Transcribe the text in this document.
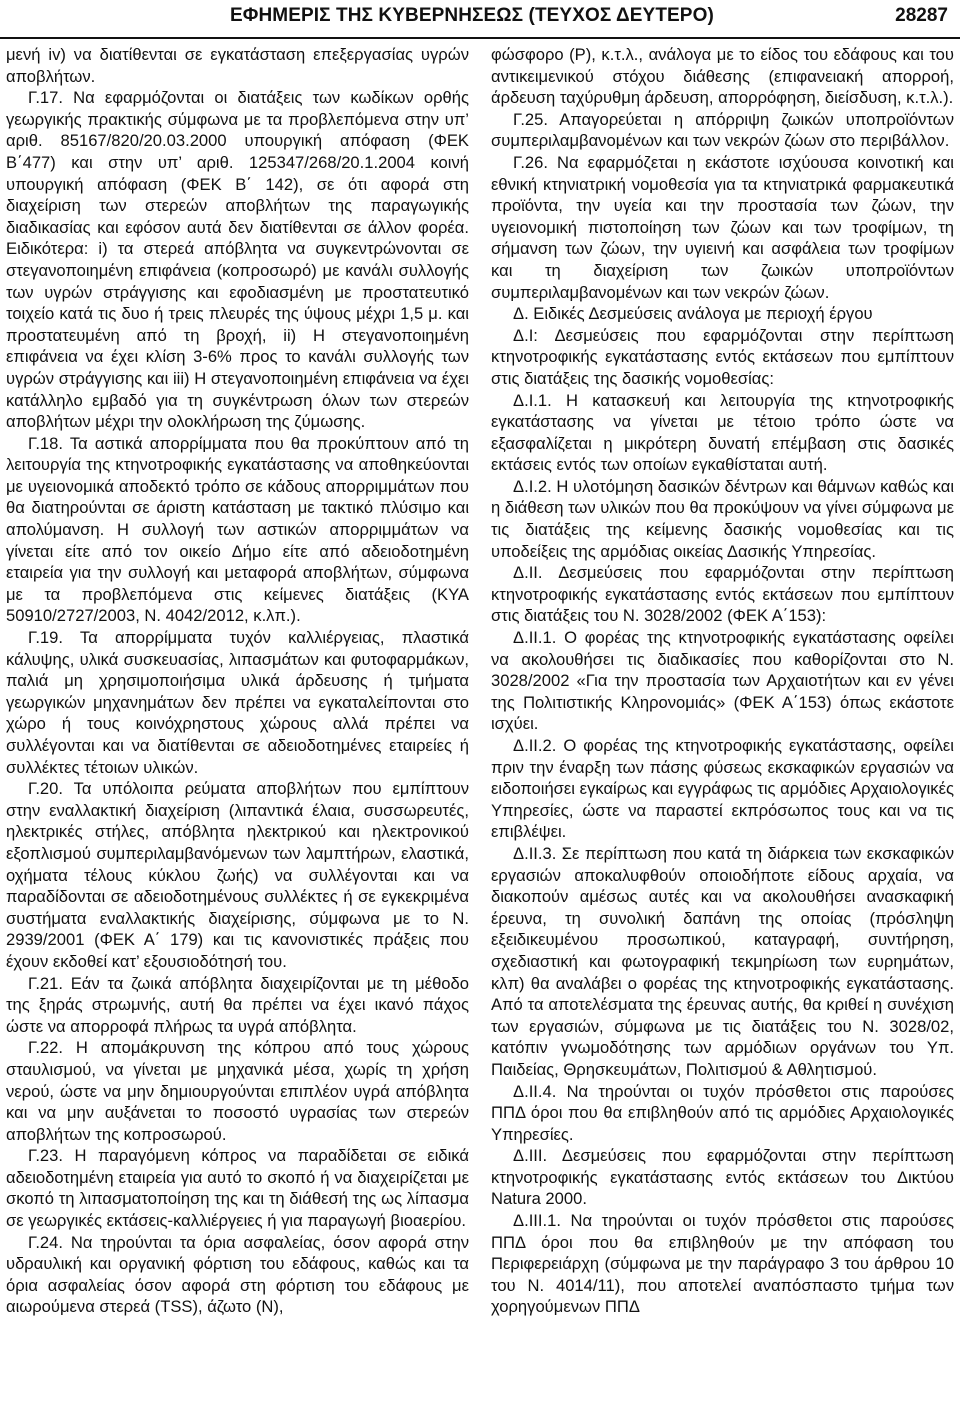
ΕΦΗΜΕΡΙΣ ΤΗΣ ΚΥΒΕΡΝΗΣΕΩΣ (ΤΕΥΧΟΣ ΔΕΥΤΕΡΟ)	28287

μενή iv) να διατίθενται σε εγκατάσταση επεξεργασίας υγρών αποβλήτων.

Γ.17. Να εφαρμόζονται οι διατάξεις των κωδίκων ορθής γεωργικής πρακτικής σύμφωνα με τα προβλεπόμενα στην υπ’ αριθ. 85167/820/20.03.2000 υπουργική απόφαση (ΦΕΚ Β΄477) και στην υπ’ αριθ. 125347/268/20.1.2004 κοινή υπουργική απόφαση (ΦΕΚ Β΄ 142), σε ότι αφορά στη διαχείριση των στερεών αποβλήτων της παραγωγικής διαδικασίας και εφόσον αυτά δεν διατίθενται σε άλλον φορέα. Ειδικότερα: i) τα στερεά απόβλητα να συγκεντρώνονται σε στεγανοποιημένη επιφάνεια (κοπροσωρό) με κανάλι συλλογής των υγρών στράγγισης και εφοδιασμένη με προστατευτικό τοιχείο κατά τις δυο ή τρεις πλευρές της ύψους μέχρι 1,5 μ. και προστατευμένη από τη βροχή, ii) Η στεγανοποιημένη επιφάνεια να έχει κλίση 3-6% προς το κανάλι συλλογής των υγρών στράγγισης και iii) Η στεγανοποιημένη επιφάνεια να έχει κατάλληλο εμβαδό για τη συγκέντρωση όλων των στερεών αποβλήτων μέχρι την ολοκλήρωση της ζύμωσης.

Γ.18. Τα αστικά απορρίμματα που θα προκύπτουν από τη λειτουργία της κτηνοτροφικής εγκατάστασης να αποθηκεύονται με υγειονομικά αποδεκτό τρόπο σε κάδους απορριμμάτων που θα διατηρούνται σε άριστη κατάσταση με τακτικό πλύσιμο και απολύμανση. Η συλλογή των αστικών απορριμμάτων να γίνεται είτε από τον οικείο Δήμο είτε από αδειοδοτημένη εταιρεία για την συλλογή και μεταφορά αποβλήτων, σύμφωνα με τα προβλεπόμενα στις κείμενες διατάξεις (ΚΥΑ 50910/2727/2003, Ν. 4042/2012, κ.λπ.).

Γ.19. Τα απορρίμματα τυχόν καλλιέργειας, πλαστικά κάλυψης, υλικά συσκευασίας, λιπασμάτων και φυτοφαρμάκων, παλιά μη χρησιμοποιήσιμα υλικά άρδευσης ή τμήματα γεωργικών μηχανημάτων δεν πρέπει να εγκαταλείπονται στο χώρο ή τους κοινόχρηστους χώρους αλλά πρέπει να συλλέγονται και να διατίθενται σε αδειοδοτημένες εταιρείες ή συλλέκτες τέτοιων υλικών.

Γ.20. Τα υπόλοιπα ρεύματα αποβλήτων που εμπίπτουν στην εναλλακτική διαχείριση (λιπαντικά έλαια, συσσωρευτές, ηλεκτρικές στήλες, απόβλητα ηλεκτρικού και ηλεκτρονικού εξοπλισμού συμπεριλαμβανόμενων των λαμπτήρων, ελαστικά, οχήματα τέλους κύκλου ζωής) να συλλέγονται και να παραδίδονται σε αδειοδοτημένους συλλέκτες ή σε εγκεκριμένα συστήματα εναλλακτικής διαχείρισης, σύμφωνα με το Ν. 2939/2001 (ΦΕΚ Α΄ 179) και τις κανονιστικές πράξεις που έχουν εκδοθεί κατ’ εξουσιοδότησή του.

Γ.21. Εάν τα ζωικά απόβλητα διαχειρίζονται με τη μέθοδο της ξηράς στρωμνής, αυτή θα πρέπει να έχει ικανό πάχος ώστε να απορροφά πλήρως τα υγρά απόβλητα.

Γ.22. Η απομάκρυνση της κόπρου από τους χώρους σταυλισμού, να γίνεται με μηχανικά μέσα, χωρίς τη χρήση νερού, ώστε να μην δημιουργούνται επιπλέον υγρά απόβλητα και να μην αυξάνεται το ποσοστό υγρασίας των στερεών αποβλήτων της κοπροσωρού.

Γ.23. Η παραγόμενη κόπρος να παραδίδεται σε ειδικά αδειοδοτημένη εταιρεία για αυτό το σκοπό ή να διαχειρίζεται με σκοπό τη λιπασματοποίηση της και τη διάθεσή της ως λίπασμα σε γεωργικές εκτάσεις-καλλιέργειες ή για παραγωγή βιοαερίου.

Γ.24. Να τηρούνται τα όρια ασφαλείας, όσον αφορά στην υδραυλική και οργανική φόρτιση του εδάφους, καθώς και τα όρια ασφαλείας όσον αφορά στη φόρτιση του εδάφους με αιωρούμενα στερεά (TSS), άζωτο (Ν),

φώσφορο (Ρ), κ.τ.λ., ανάλογα με το είδος του εδάφους και του αντικειμενικού στόχου διάθεσης (επιφανειακή απορροή, άρδευση ταχύρυθμη άρδευση, απορρόφηση, διείσδυση, κ.τ.λ.).

Γ.25. Απαγορεύεται η απόρριψη ζωικών υποπροϊόντων συμπεριλαμβανομένων και των νεκρών ζώων στο περιβάλλον.

Γ.26. Να εφαρμόζεται η εκάστοτε ισχύουσα κοινοτική και εθνική κτηνιατρική νομοθεσία για τα κτηνιατρικά φαρμακευτικά προϊόντα, την υγεία και την προστασία των ζώων, την υγειονομική πιστοποίηση των ζώων και των τροφίμων, τη σήμανση των ζώων, την υγιεινή και ασφάλεια των τροφίμων και τη διαχείριση των ζωικών υποπροϊόντων συμπεριλαμβανομένων και των νεκρών ζώων.

Δ. Ειδικές Δεσμεύσεις ανάλογα με περιοχή έργου

Δ.Ι: Δεσμεύσεις που εφαρμόζονται στην περίπτωση κτηνοτροφικής εγκατάστασης εντός εκτάσεων που εμπίπτουν στις διατάξεις της δασικής νομοθεσίας:

Δ.Ι.1. Η κατασκευή και λειτουργία της κτηνοτροφικής εγκατάστασης να γίνεται με τέτοιο τρόπο ώστε να εξασφαλίζεται η μικρότερη δυνατή επέμβαση στις δασικές εκτάσεις εντός των οποίων εγκαθίσταται αυτή.

Δ.Ι.2. Η υλοτόμηση δασικών δέντρων και θάμνων καθώς και η διάθεση των υλικών που θα προκύψουν να γίνει σύμφωνα με τις διατάξεις της κείμενης δασικής νομοθεσίας και τις υποδείξεις της αρμόδιας οικείας Δασικής Υπηρεσίας.

Δ.ΙΙ. Δεσμεύσεις που εφαρμόζονται στην περίπτωση κτηνοτροφικής εγκατάστασης εντός εκτάσεων που εμπίπτουν στις διατάξεις του Ν. 3028/2002 (ΦΕΚ Α΄153):

Δ.ΙΙ.1. Ο φορέας της κτηνοτροφικής εγκατάστασης οφείλει να ακολουθήσει τις διαδικασίες που καθορίζονται στο Ν. 3028/2002 «Για την προστασία των Αρχαιοτήτων και εν γένει της Πολιτιστικής Κληρονομιάς» (ΦΕΚ Α΄153) όπως εκάστοτε ισχύει.

Δ.ΙΙ.2. Ο φορέας της κτηνοτροφικής εγκατάστασης, οφείλει πριν την έναρξη των πάσης φύσεως εκσκαφικών εργασιών να ειδοποιήσει εγκαίρως και εγγράφως τις αρμόδιες Αρχαιολογικές Υπηρεσίες, ώστε να παραστεί εκπρόσωπος τους και να τις επιβλέψει.

Δ.ΙΙ.3. Σε περίπτωση που κατά τη διάρκεια των εκσκαφικών εργασιών αποκαλυφθούν οποιοδήποτε είδους αρχαία, να διακοπούν αμέσως αυτές και να ακολουθήσει ανασκαφική έρευνα, τη συνολική δαπάνη της οποίας (πρόσληψη εξειδικευμένου προσωπικού, καταγραφή, συντήρηση, σχεδιαστική και φωτογραφική τεκμηρίωση των ευρημάτων, κλπ) θα αναλάβει ο φορέας της κτηνοτροφικής εγκατάστασης. Από τα αποτελέσματα της έρευνας αυτής, θα κριθεί η συνέχιση των εργασιών, σύμφωνα με τις διατάξεις του Ν. 3028/02, κατόπιν γνωμοδότησης των αρμόδιων οργάνων του Υπ. Παιδείας, Θρησκευμάτων, Πολιτισμού & Αθλητισμού.

Δ.ΙΙ.4. Να τηρούνται οι τυχόν πρόσθετοι στις παρούσες ΠΠΔ όροι που θα επιβληθούν από τις αρμόδιες Αρχαιολογικές Υπηρεσίες.

Δ.ΙΙΙ. Δεσμεύσεις που εφαρμόζονται στην περίπτωση κτηνοτροφικής εγκατάστασης εντός εκτάσεων του Δικτύου Natura 2000.

Δ.ΙΙΙ.1. Να τηρούνται οι τυχόν πρόσθετοι στις παρούσες ΠΠΔ όροι που θα επιβληθούν με την απόφαση του Περιφερειάρχη (σύμφωνα με την παράγραφο 3 του άρθρου 10 του Ν. 4014/11), που αποτελεί αναπόσπαστο τμήμα των χορηγούμενων ΠΠΔ
